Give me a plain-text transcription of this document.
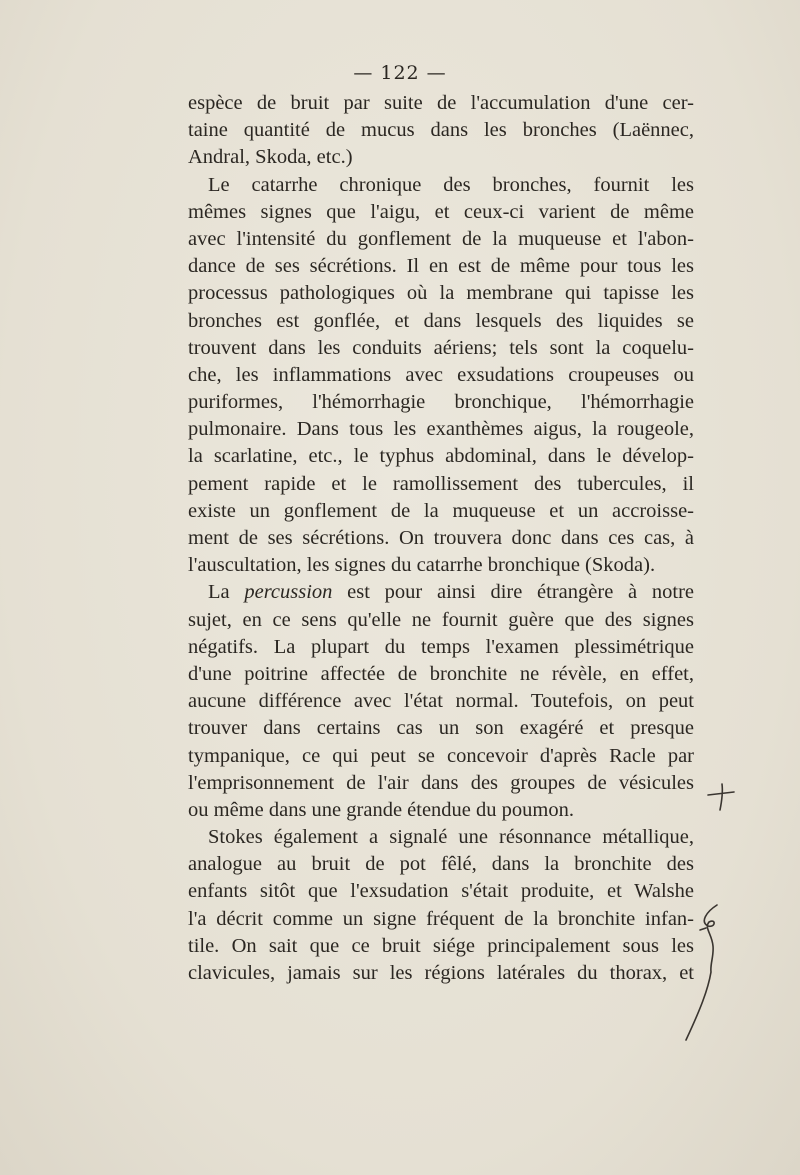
— 122 —
espèce de bruit par suite de l'accumulation d'une cer-
taine quantité de mucus dans les bronches (Laënnec,
Andral, Skoda, etc.)
Le catarrhe chronique des bronches, fournit les
mêmes signes que l'aigu, et ceux-ci varient de même
avec l'intensité du gonflement de la muqueuse et l'abon-
dance de ses sécrétions. Il en est de même pour tous les
processus pathologiques où la membrane qui tapisse les
bronches est gonflée, et dans lesquels des liquides se
trouvent dans les conduits aériens; tels sont la coquelu-
che, les inflammations avec exsudations croupeuses ou
puriformes, l'hémorrhagie bronchique, l'hémorrhagie
pulmonaire. Dans tous les exanthèmes aigus, la rougeole,
la scarlatine, etc., le typhus abdominal, dans le dévelop-
pement rapide et le ramollissement des tubercules, il
existe un gonflement de la muqueuse et un accroisse-
ment de ses sécrétions. On trouvera donc dans ces cas, à
l'auscultation, les signes du catarrhe bronchique (Skoda).
La percussion est pour ainsi dire étrangère à notre
sujet, en ce sens qu'elle ne fournit guère que des signes
négatifs. La plupart du temps l'examen plessimétrique
d'une poitrine affectée de bronchite ne révèle, en effet,
aucune différence avec l'état normal. Toutefois, on peut
trouver dans certains cas un son exagéré et presque
tympanique, ce qui peut se concevoir d'après Racle par
l'emprisonnement de l'air dans des groupes de vésicules
ou même dans une grande étendue du poumon.
Stokes également a signalé une résonnance métallique,
analogue au bruit de pot fêlé, dans la bronchite des
enfants sitôt que l'exsudation s'était produite, et Walshe
l'a décrit comme un signe fréquent de la bronchite infan-
tile. On sait que ce bruit siége principalement sous les
clavicules, jamais sur les régions latérales du thorax, et
